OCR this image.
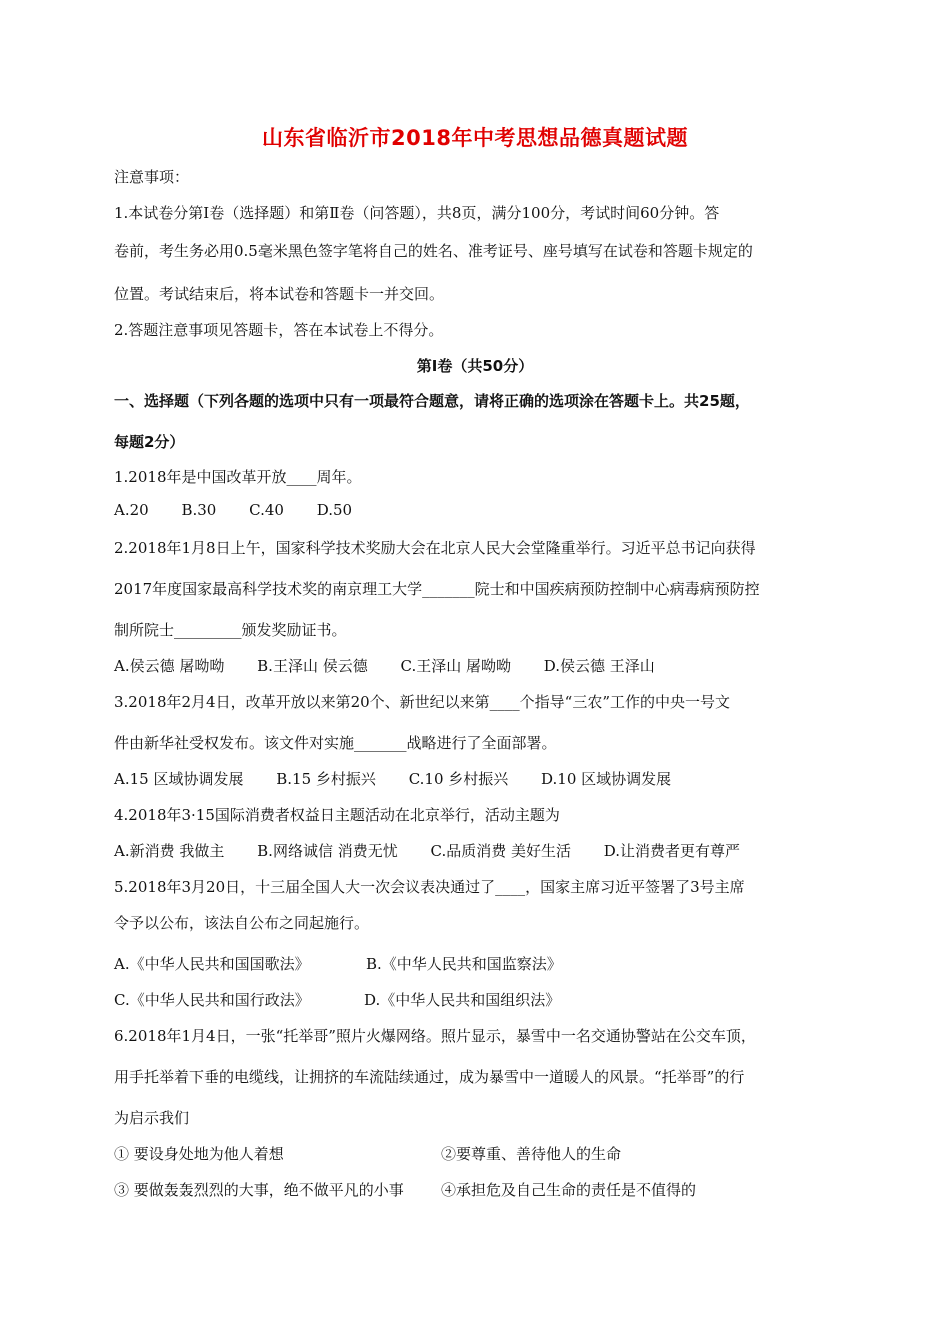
山东省临沂市2018年中考思想品德真题试题
注意事项：
1.本试卷分第Ⅰ卷（选择题）和第Ⅱ卷（问答题），共8页，满分100分，考试时间60分钟。答
卷前，考生务必用0.5毫米黑色签字笔将自己的姓名、准考证号、座号填写在试卷和答题卡规定的
位置。考试结束后，将本试卷和答题卡一并交回。
2.答题注意事项见答题卡，答在本试卷上不得分。
第Ⅰ卷（共50分）
一、选择题（下列各题的选项中只有一项最符合题意，请将正确的选项涂在答题卡上。共25题，
每题2分）
1.2018年是中国改革开放____周年。
A.20 B.30 C.40 D.50
2.2018年1月8日上午，国家科学技术奖励大会在北京人民大会堂隆重举行。习近平总书记向获得
2017年度国家最高科学技术奖的南京理工大学_______院士和中国疾病预防控制中心病毒病预防控
制所院士_________颁发奖励证书。
A.侯云德 屠呦呦 B.王泽山 侯云德 C.王泽山 屠呦呦 D.侯云德 王泽山
3.2018年2月4日，改革开放以来第20个、新世纪以来第____个指导“三农”工作的中央一号文
件由新华社受权发布。该文件对实施_______战略进行了全面部署。
A.15 区域协调发展 B.15 乡村振兴 C.10 乡村振兴 D.10 区域协调发展
4.2018年3·15国际消费者权益日主题活动在北京举行，活动主题为
A.新消费 我做主 B.网络诚信 消费无忧 C.品质消费 美好生活 D.让消费者更有尊严
5.2018年3月20日，十三届全国人大一次会议表决通过了____，国家主席习近平签署了3号主席
令予以公布，该法自公布之同起施行。
A.《中华人民共和国国歌法》	B.《中华人民共和国监察法》
C.《中华人民共和国行政法》	D.《中华人民共和国组织法》
6.2018年1月4日，一张“托举哥”照片火爆网络。照片显示，暴雪中一名交通协警站在公交车顶，
用手托举着下垂的电缆线，让拥挤的车流陆续通过，成为暴雪中一道暖人的风景。“托举哥”的行
为启示我们
① 要设身处地为他人着想	②要尊重、善待他人的生命
③ 要做轰轰烈烈的大事，绝不做平凡的小事 ④承担危及自己生命的责任是不值得的
